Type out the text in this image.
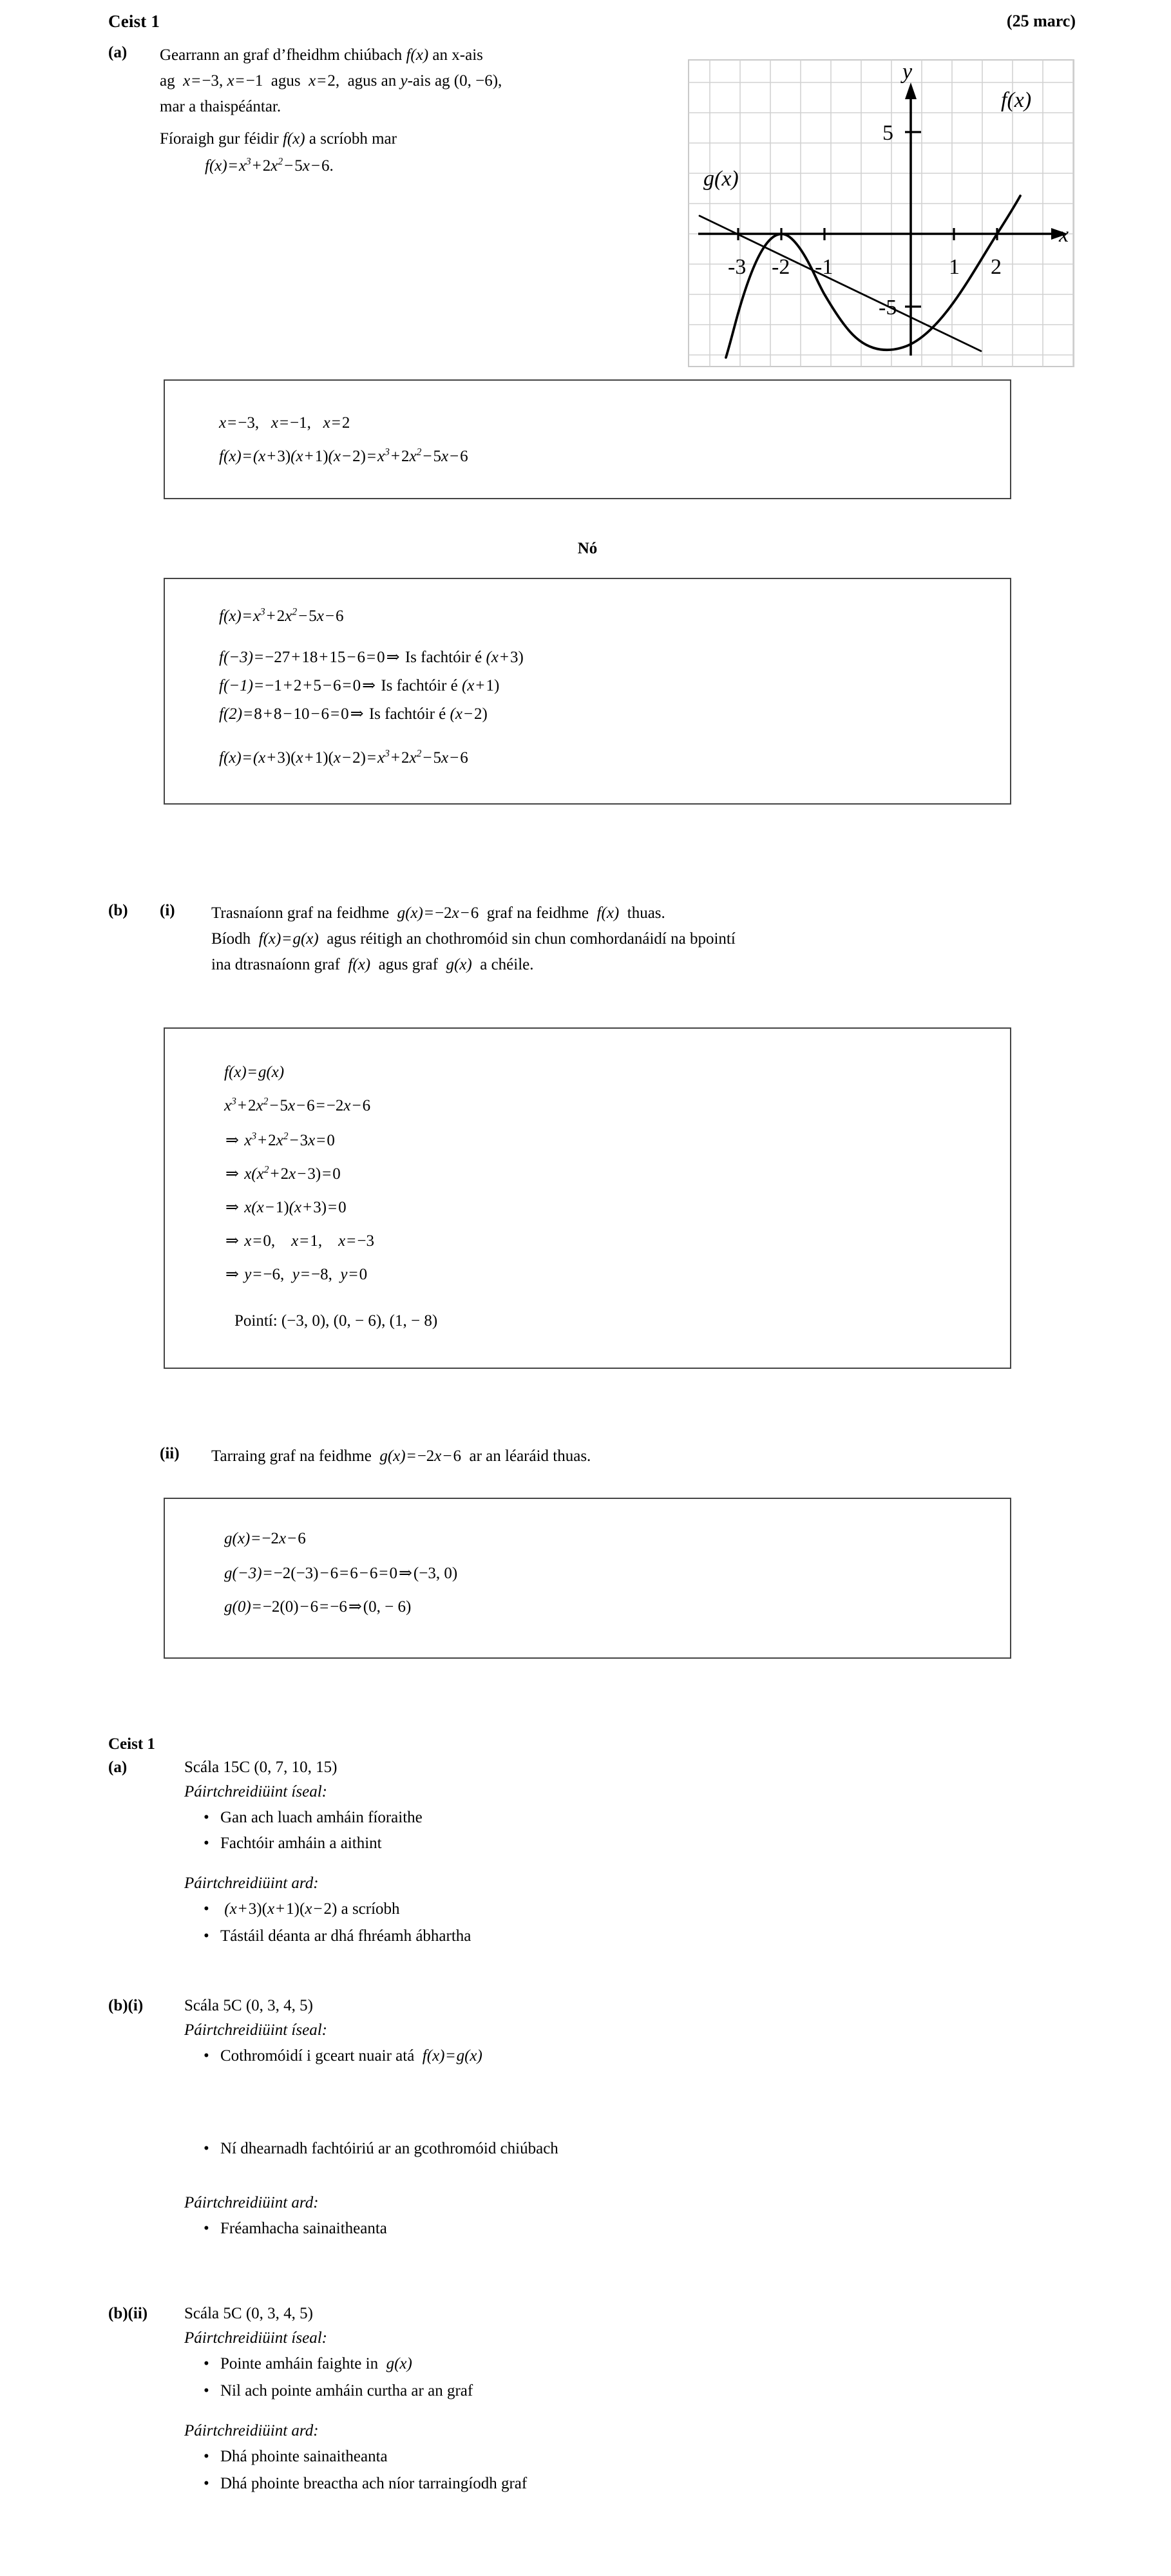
Ceist 1	(25 marc)
(a) Gearrann an graf d’fheidhm chiúbach f(x) an x-ais
ag  x=−3, x=−1  agus  x=2,  agus an y-ais ag (0, −6),
mar a thaispéántar.
Fíoraigh gur féidir f(x) a scríobh mar
$f(x)=x^3+2x^2-5x-6$.
y
x
f(x)
g(x)
-3 -2 -1	1 2
5
-5
x=−3,   x=−1,   x=2
$f(x)=(x+3)(x+1)(x-2)=x^3+2x^2-5x-6$
Nó
$f(x)=x^3+2x^2-5x-6$
f(−3)=−27+18+15−6=0⇒ Is fachtóir é (x+3)
f(−1)=−1+2+5−6=0⇒ Is fachtóir é (x+1)
f(2)=8+8−10−6=0⇒ Is fachtóir é (x−2)
$f(x)=(x+3)(x+1)(x-2)=x^3+2x^2-5x-6$
(b) (i) Trasnaíonn graf na feidhme  g(x)=−2x−6  graf na feidhme  f(x)  thuas.
Bíodh  f(x)=g(x)  agus réitigh an chothromóid sin chun comhordanáidí na bpointí
ina dtrasnaíonn graf  f(x)  agus graf  g(x)  a chéile.
f(x)=g(x)
$x^3+2x^2-5x-6=-2x-6$
⇒ $x^3+2x^2-3x=0$
⇒ $x(x^2+2x-3)=0$
⇒ x(x−1)(x+3)=0
⇒ x=0,    x=1,    x=−3
⇒ y=−6,  y=−8,  y=0
Pointí: (−3, 0), (0, − 6), (1, − 8)
(ii) Tarraing graf na feidhme  g(x)=−2x−6  ar an léaráid thuas.
g(x)=−2x−6
g(−3)=−2(−3)−6=6−6=0⇒(−3, 0)
g(0)=−2(0)−6=−6⇒(0, − 6)
Ceist 1
(a)	Scála 15C (0, 7, 10, 15)
Páirtchreidiüint íseal:
• Gan ach luach amháin fíoraithe
• Fachtóir amháin a aithint
Páirtchreidiüint ard:
• (x+3)(x+1)(x−2) a scríobh
• Tástáil déanta ar dhá fhréamh ábhartha
(b)(i)	Scála 5C (0, 3, 4, 5)
Páirtchreidiüint íseal:
• Cothromóidí i gceart nuair atá  f(x)=g(x)
• Ní dhearnadh fachtóiriú ar an gcothromóid chiúbach
Páirtchreidiüint ard:
• Fréamhacha sainaitheanta
(b)(ii) Scála 5C (0, 3, 4, 5)
Páirtchreidiüint íseal:
• Pointe amháin faighte in  g(x)
• Nil ach pointe amháin curtha ar an graf
Páirtchreidiüint ard:
• Dhá phointe sainaitheanta
• Dhá phointe breactha ach níor tarraingíodh graf
